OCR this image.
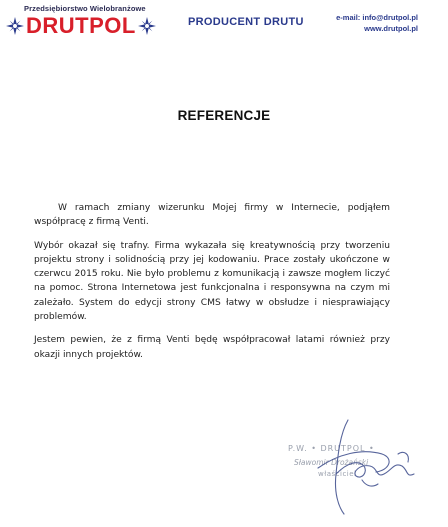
Przedsiębiorstwo Wielobranżowe
DRUTPOL	PRODUCENT DRUTU	e-mail: info@drutpol.pl
www.drutpol.pl
REFERENCJE

W ramach zmiany wizerunku Mojej firmy w Internecie, podjąłem współpracę z firmą Venti.

Wybór okazał się trafny. Firma wykazała się kreatywnością przy tworzeniu projektu strony i solidnością przy jej kodowaniu. Prace zostały ukończone w czerwcu 2015 roku. Nie było problemu z komunikacją i zawsze mogłem liczyć na pomoc. Strona Internetowa jest funkcjonalna i responsywna na czym mi zależało. System do edycji strony CMS łatwy w obsłudze i niesprawiający problemów.

Jestem pewien, że z firmą Venti będę współpracował latami również przy okazji innych projektów.

P.W. • DRUTPOL •
Sławomir Drożański
właściciel
